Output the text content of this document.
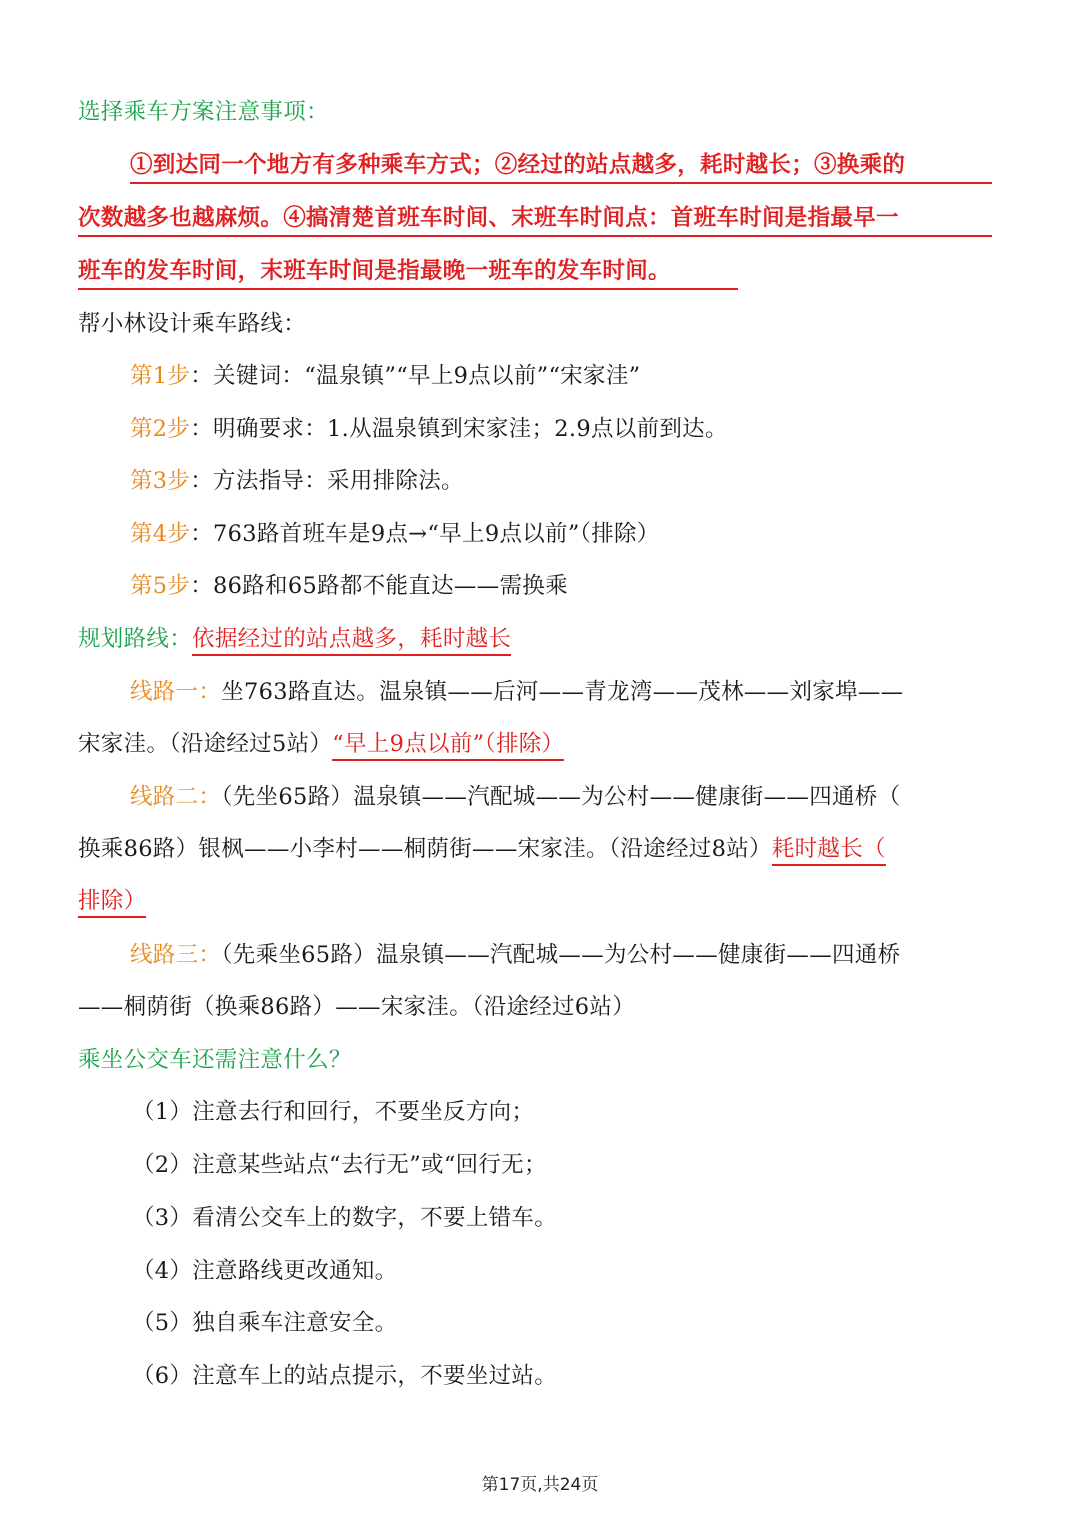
选择乘车方案注意事项：
①到达同一个地方有多种乘车方式；②经过的站点越多，耗时越长；③换乘的
次数越多也越麻烦。④搞清楚首班车时间、末班车时间点：首班车时间是指最早一
班车的发车时间，末班车时间是指最晚一班车的发车时间。
帮小林设计乘车路线：
第1步：关键词：“温泉镇”“早上9点以前”“宋家洼”
第2步：明确要求：1.从温泉镇到宋家洼；2.9点以前到达。
第3步：方法指导：采用排除法。
第4步：763路首班车是9点→“早上9点以前”（排除）
第5步：86路和65路都不能直达——需换乘
规划路线：依据经过的站点越多，耗时越长
线路一：坐763路直达。温泉镇——后河——青龙湾——茂林——刘家埠——
宋家洼。（沿途经过5站）“早上9点以前”（排除）
线路二：（先坐65路）温泉镇——汽配城——为公村——健康街——四通桥（
换乘86路）银枫——小李村——桐荫街——宋家洼。（沿途经过8站）耗时越长（
排除）
线路三：（先乘坐65路）温泉镇——汽配城——为公村——健康街——四通桥
——桐荫街（换乘86路）——宋家洼。（沿途经过6站）
乘坐公交车还需注意什么？
（1）注意去行和回行，不要坐反方向；
（2）注意某些站点“去行无”或“回行无；
（3）看清公交车上的数字，不要上错车。
（4）注意路线更改通知。
（5）独自乘车注意安全。
（6）注意车上的站点提示，不要坐过站。
第17页,共24页
